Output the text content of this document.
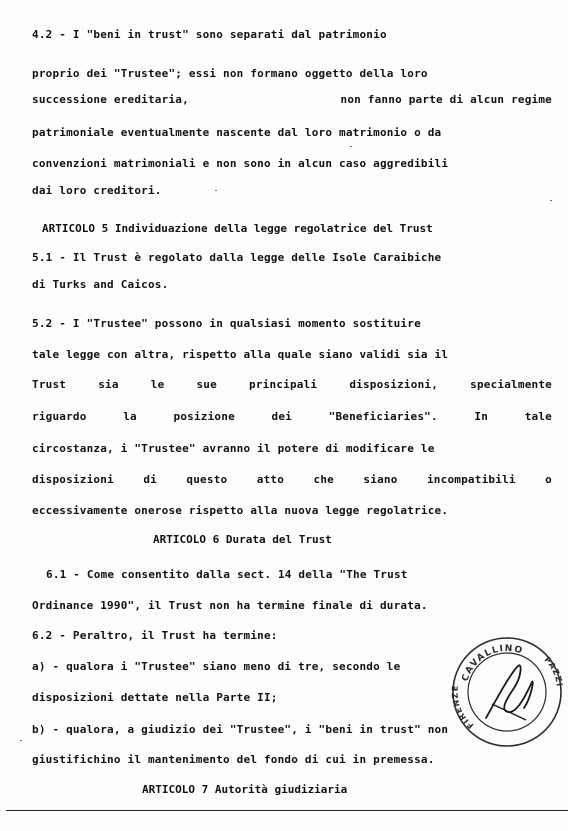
4.2 - I "beni in trust" sono separati dal patrimonio
proprio dei "Trustee"; essi non formano oggetto della loro
successione ereditaria,	non fanno parte di alcun regime
patrimoniale eventualmente nascente dal loro matrimonio o da
convenzioni matrimoniali e non sono in alcun caso aggredibili
dai loro creditori.
ARTICOLO 5 Individuazione della legge regolatrice del Trust
5.1 - Il Trust è regolato dalla legge delle Isole Caraibiche
di Turks and Caicos.
5.2 - I "Trustee" possono in qualsiasi momento sostituire
tale legge con altra, rispetto alla quale siano validi sia il
Trust	sia	le	sue	principali	disposizioni,	specialmente
riguardo	la	posizione	dei	"Beneficiaries".	In	tale
circostanza, i "Trustee" avranno il potere di modificare le
disposizioni	di	questo	atto	che	siano	incompatibili	o
eccessivamente onerose rispetto alla nuova legge regolatrice.
ARTICOLO 6 Durata del Trust
6.1 - Come consentito dalla sect. 14 della "The Trust
Ordinance 1990", il Trust non ha termine finale di durata.
6.2 - Peraltro, il Trust ha termine:
a) - qualora i "Trustee" siano meno di tre, secondo le
disposizioni dettate nella Parte II;
b) - qualora, a giudizio dei "Trustee", i "beni in trust" non
giustifichino il mantenimento del fondo di cui in premessa.
ARTICOLO 7 Autorità giudiziaria
CAVALLINO
PAZZI
FIRENZE
